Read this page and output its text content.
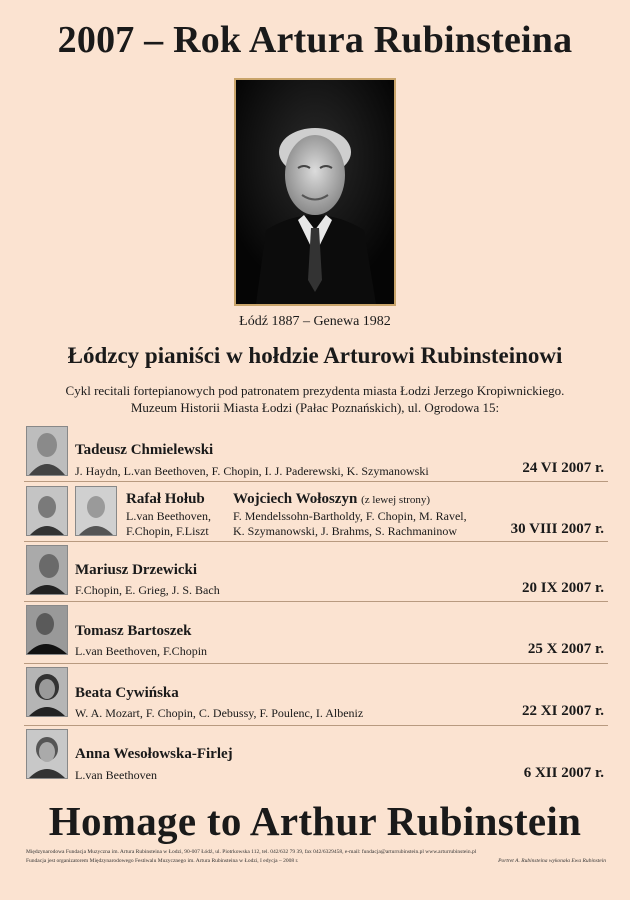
2007 – Rok Artura Rubinsteina
Łódź 1887 – Genewa 1982
Łódzcy pianiści w hołdzie Arturowi Rubinsteinowi
Cykl recitali fortepianowych pod patronatem prezydenta miasta Łodzi Jerzego Kropiwnickiego.
Muzeum Historii Miasta Łodzi (Pałac Poznańskich), ul. Ogrodowa 15:
Tadeusz Chmielewski
J. Haydn, L.van Beethoven, F. Chopin, I. J. Paderewski, K. Szymanowski	24 VI 2007 r.
Rafał Hołub
L.van Beethoven,
F.Chopin, F.Liszt
Wojciech Wołoszyn (z lewej strony)
F. Mendelssohn-Bartholdy, F. Chopin, M. Ravel,
K. Szymanowski, J. Brahms, S. Rachmaninow	30 VIII 2007 r.
Mariusz Drzewicki
F.Chopin, E. Grieg, J. S. Bach	20 IX 2007 r.
Tomasz Bartoszek
L.van Beethoven, F.Chopin	25 X 2007 r.
Beata Cywińska
W. A. Mozart, F. Chopin, C. Debussy, F. Poulenc, I. Albeniz	22 XI 2007 r.
Anna Wesołowska-Firlej
L.van Beethoven	6 XII 2007 r.
Homage to Arthur Rubinstein
Międzynarodowa Fundacja Muzyczna im. Artura Rubinsteina w Łodzi, 90-007 Łódź, ul. Piotrkowska 112, tel. 042/632 79 39, fax 042/6329458, e-mail: fundacja@arturrubinstein.pl www.arturrubinstein.pl
Fundacja jest organizatorem Międzynarodowego Festiwalu Muzycznego im. Artura Rubinsteina w Łodzi, I edycja – 2008 r.	Portret A. Rubinsteina wykonała Ewa Rubinstein
